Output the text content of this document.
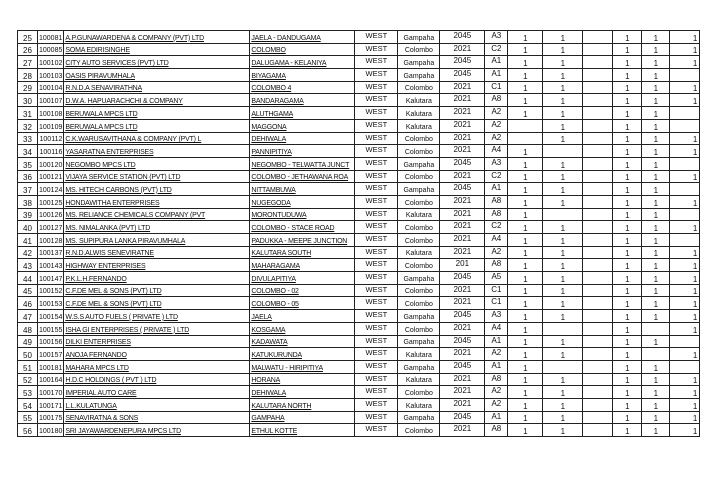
25	100081	A.P.GUNAWARDENA & COMPANY (PVT) LTD	JAELA - DANDUGAMA	WEST	Gampaha	2045	A3	1	1		1	1	1
26	100085	SOMA EDIRISINGHE	COLOMBO	WEST	Colombo	2021	C2	1	1		1	1	1
27	100102	CITY AUTO SERVICES (PVT) LTD	DALUGAMA - KELANIYA	WEST	Gampaha	2045	A1	1	1		1	1	1
28	100103	OASIS PIRAVUMHALA	BIYAGAMA	WEST	Gampaha	2045	A1	1	1		1	1	
29	100104	R.N.D.A SENAVIRATHNA	COLOMBO 4	WEST	Colombo	2021	C1	1	1		1	1	1
30	100107	D.W.A. HAPUARACHCHI & COMPANY	BANDARAGAMA	WEST	Kalutara	2021	A8	1	1		1	1	1
31	100108	BERUWALA MPCS LTD	ALUTHGAMA	WEST	Kalutara	2021	A2	1	1		1	1	
32	100109	BERUWALA MPCS LTD	MAGGONA	WEST	Kalutara	2021	A2		1		1	1	
33	100112	C.K.WARUSAVITHANA & COMPANY (PVT) L	DEHIWALA	WEST	Colombo	2021	A2		1		1	1	1
34	100116	YASARATNA ENTERPRISES	PANNIPITIYA	WEST	Colombo	2021	A4	1			1	1	1
35	100120	NEGOMBO MPCS LTD	NEGOMBO - TELWATTA JUNCT	WEST	Gampaha	2045	A3	1	1		1	1	
36	100121	VIJAYA SERVICE STATION (PVT) LTD	COLOMBO - JETHAWANA ROA	WEST	Colombo	2021	C2	1	1		1	1	1
37	100124	MS. HITECH CARBONS (PVT) LTD	NITTAMBUWA	WEST	Gampaha	2045	A1	1	1		1	1	
38	100125	HONDAWITHA ENTERPRISES	NUGEGODA	WEST	Colombo	2021	A8	1	1		1	1	1
39	100126	MS. RELIANCE CHEMICALS COMPANY (PVT	MORONTUDUWA	WEST	Kalutara	2021	A8	1			1	1	
40	100127	MS. NIMALANKA (PVT) LTD	COLOMBO - STACE ROAD	WEST	Colombo	2021	C2	1	1		1	1	1
41	100128	MS. SUPIPURA LANKA PIRAVUMHALA	PADUKKA - MEEPE JUNCTION	WEST	Colombo	2021	A4	1	1		1	1	
42	100137	R.N.D.ALWIS SENEVIRATNE	KALUTARA SOUTH	WEST	Kalutara	2021	A2	1	1		1	1	1
43	100143	HIGHWAY ENTERPRISES	MAHARAGAMA	WEST	Colombo	201	A8	1	1		1	1	1
44	100147	P.K.L.H.FERNANDO	DIVULAPITIYA	WEST	Gampaha	2045	A5	1	1		1	1	1
45	100152	C.F.DE MEL & SONS (PVT) LTD	COLOMBO - 02	WEST	Colombo	2021	C1	1	1		1	1	1
46	100153	C.F.DE MEL & SONS (PVT) LTD	COLOMBO - 05	WEST	Colombo	2021	C1	1	1		1	1	1
47	100154	W.S.S AUTO FUELS ( PRIVATE ) LTD	JAELA	WEST	Gampaha	2045	A3	1	1		1	1	1
48	100155	ISHA GI ENTERPRISES ( PRIVATE ) LTD	KOSGAMA	WEST	Colombo	2021	A4	1			1		1
49	100156	DILKI ENTERPRISES	KADAWATA	WEST	Gampaha	2045	A1	1	1		1	1	
50	100157	ANOJA FERNANDO	KATUKURUNDA	WEST	Kalutara	2021	A2	1	1		1		1
51	100181	MAHARA MPCS LTD	MALWATU - HIRIPITIYA	WEST	Gampaha	2045	A1	1			1	1	
52	100164	H.D.C HOLDINGS ( PVT ) LTD	HORANA	WEST	Kalutara	2021	A8	1	1		1	1	1
53	100170	IMPERIAL AUTO CARE	DEHIWALA	WEST	Colombo	2021	A2	1	1		1	1	1
54	100171	L.L.KULATUNGA	KALUTARA NORTH	WEST	Kalutara	2021	A2	1	1		1	1	1
55	100175	SENAVIRATNA & SONS	GAMPAHA	WEST	Gampaha	2045	A1	1	1		1	1	1
56	100180	SRI JAYAWARDENEPURA MPCS LTD	ETHUL KOTTE	WEST	Colombo	2021	A8	1	1		1	1	1
